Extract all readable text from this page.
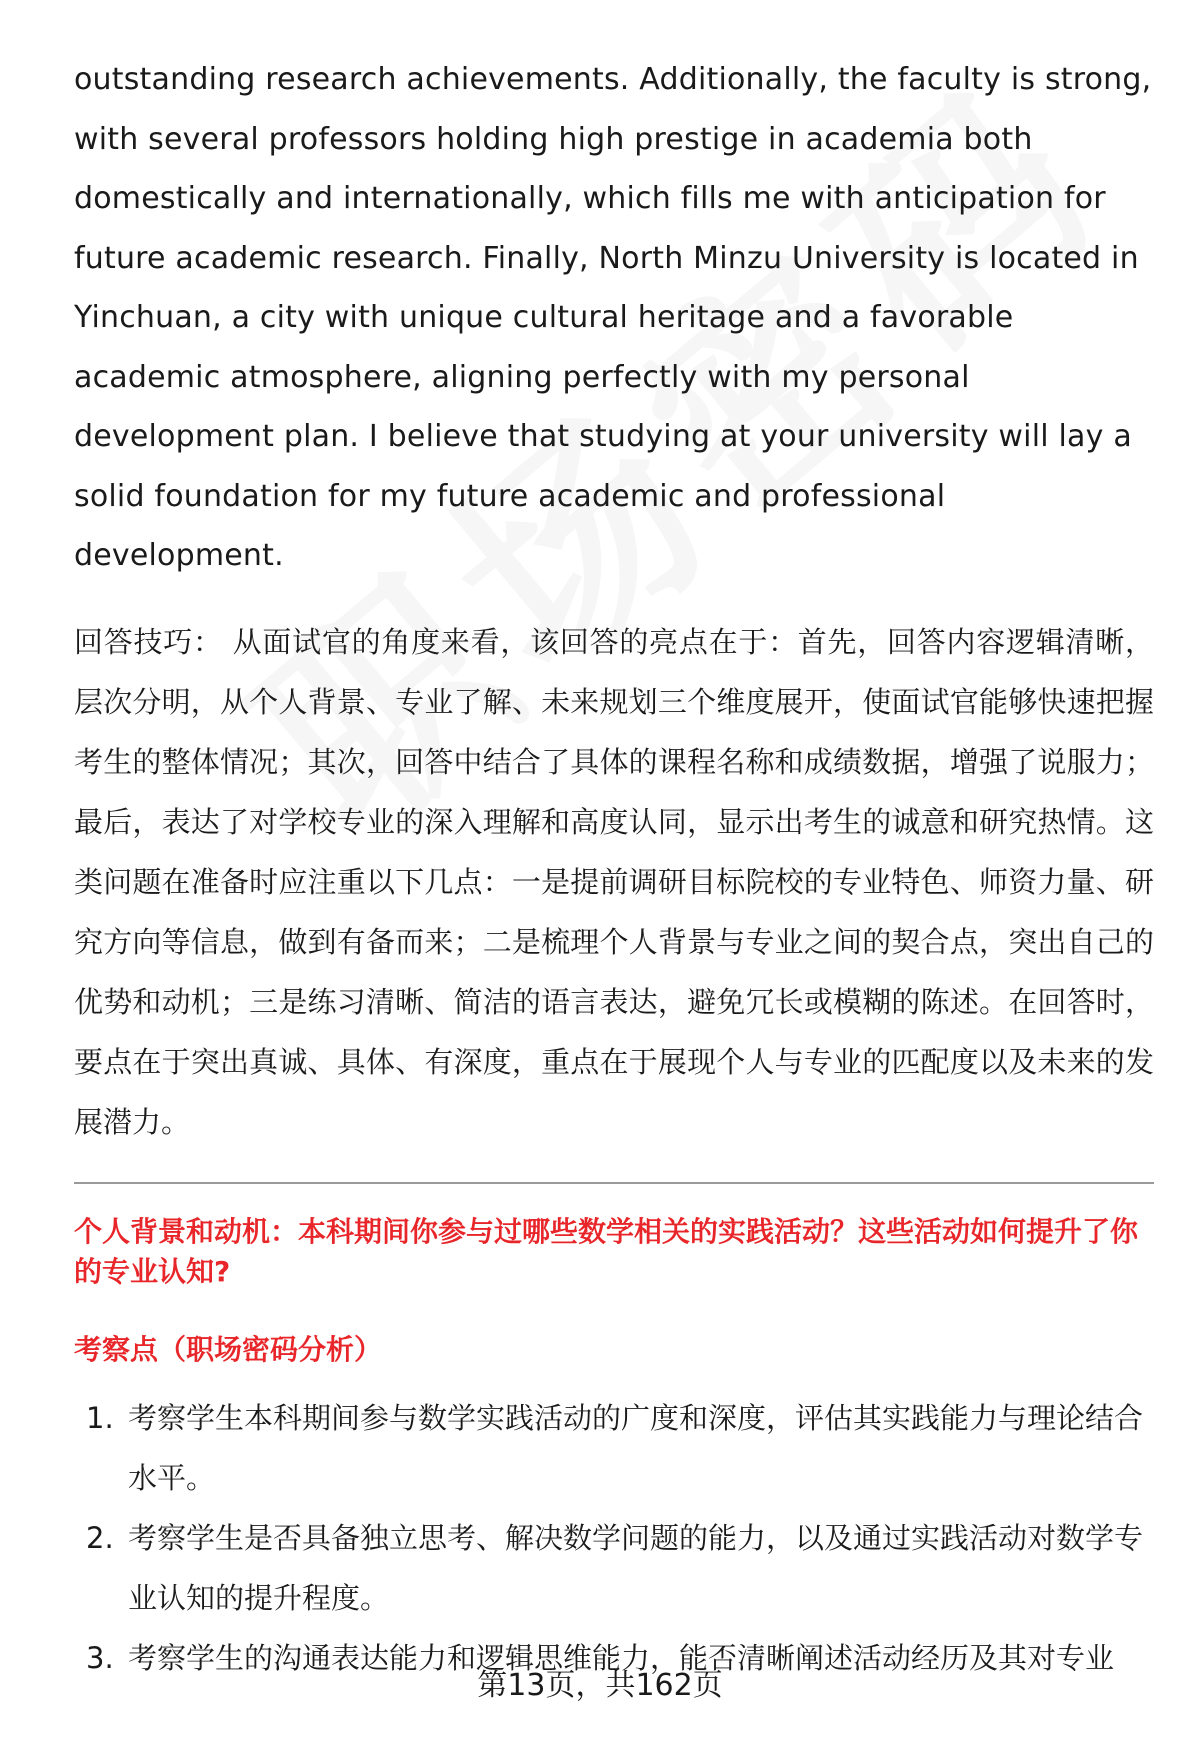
outstanding research achievements. Additionally, the faculty is strong, with several professors holding high prestige in academia both domestically and internationally, which fills me with anticipation for future academic research. Finally, North Minzu University is located in Yinchuan, a city with unique cultural heritage and a favorable academic atmosphere, aligning perfectly with my personal development plan. I believe that studying at your university will lay a solid foundation for my future academic and professional development.

回答技巧： 从面试官的角度来看，该回答的亮点在于：首先，回答内容逻辑清晰，层次分明，从个人背景、专业了解、未来规划三个维度展开，使面试官能够快速把握考生的整体情况；其次，回答中结合了具体的课程名称和成绩数据，增强了说服力；最后，表达了对学校专业的深入理解和高度认同，显示出考生的诚意和研究热情。这类问题在准备时应注重以下几点：一是提前调研目标院校的专业特色、师资力量、研究方向等信息，做到有备而来；二是梳理个人背景与专业之间的契合点，突出自己的优势和动机；三是练习清晰、简洁的语言表达，避免冗长或模糊的陈述。在回答时，要点在于突出真诚、具体、有深度，重点在于展现个人与专业的匹配度以及未来的发展潜力。

个人背景和动机：本科期间你参与过哪些数学相关的实践活动？这些活动如何提升了你的专业认知?

考察点（职场密码分析）

1. 考察学生本科期间参与数学实践活动的广度和深度，评估其实践能力与理论结合水平。
2. 考察学生是否具备独立思考、解决数学问题的能力，以及通过实践活动对数学专业认知的提升程度。
3. 考察学生的沟通表达能力和逻辑思维能力，能否清晰阐述活动经历及其对专业
第13页，共162页
